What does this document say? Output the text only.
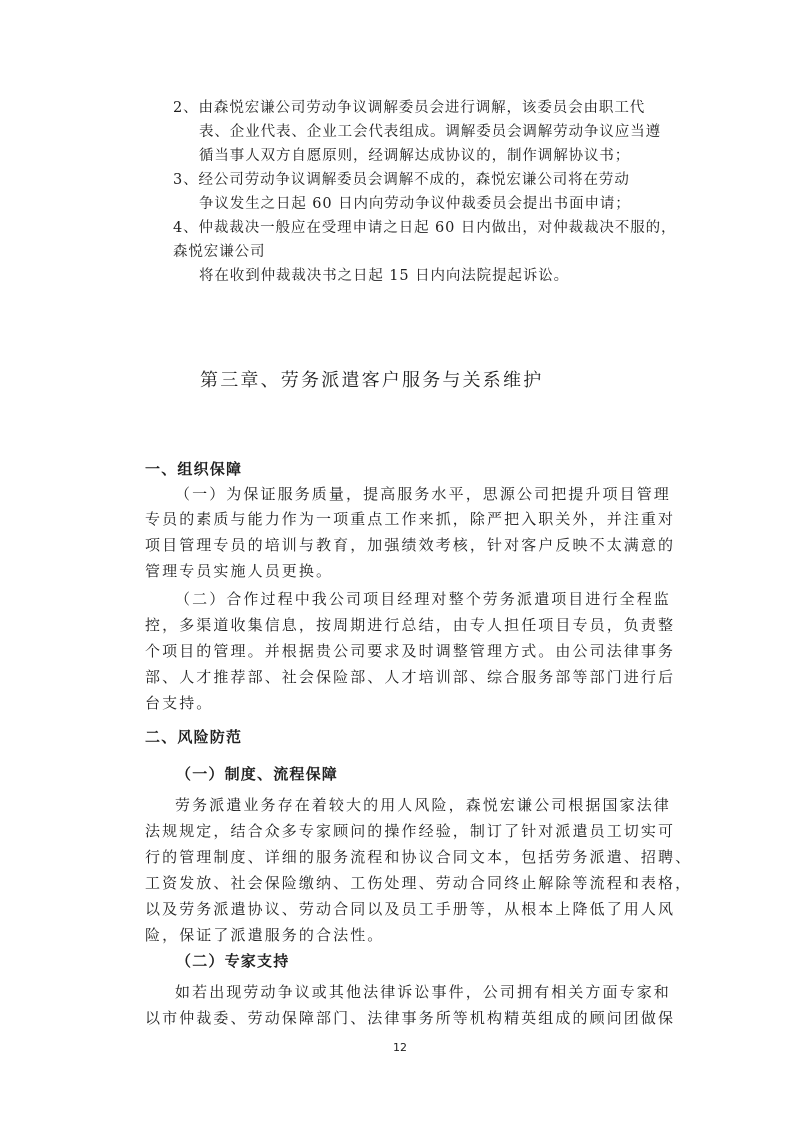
2、由森悦宏谦公司劳动争议调解委员会进行调解，该委员会由职工代
表、企业代表、企业工会代表组成。调解委员会调解劳动争议应当遵
循当事人双方自愿原则，经调解达成协议的，制作调解协议书；
3、经公司劳动争议调解委员会调解不成的，森悦宏谦公司将在劳动
争议发生之日起 60 日内向劳动争议仲裁委员会提出书面申请；
4、仲裁裁决一般应在受理申请之日起 60 日内做出，对仲裁裁决不服的，
森悦宏谦公司
将在收到仲裁裁决书之日起 15 日内向法院提起诉讼。
第三章、劳务派遣客户服务与关系维护
一、组织保障
（一）为保证服务质量，提高服务水平，思源公司把提升项目管理
专员的素质与能力作为一项重点工作来抓，除严把入职关外，并注重对
项目管理专员的培训与教育，加强绩效考核，针对客户反映不太满意的
管理专员实施人员更换。
（二）合作过程中我公司项目经理对整个劳务派遣项目进行全程监
控，多渠道收集信息，按周期进行总结，由专人担任项目专员，负责整
个项目的管理。并根据贵公司要求及时调整管理方式。由公司法律事务
部、人才推荐部、社会保险部、人才培训部、综合服务部等部门进行后
台支持。
二、风险防范
（一）制度、流程保障
劳务派遣业务存在着较大的用人风险，森悦宏谦公司根据国家法律
法规规定，结合众多专家顾问的操作经验，制订了针对派遣员工切实可
行的管理制度、详细的服务流程和协议合同文本，包括劳务派遣、招聘、
工资发放、社会保险缴纳、工伤处理、劳动合同终止解除等流程和表格，
以及劳务派遣协议、劳动合同以及员工手册等，从根本上降低了用人风
险，保证了派遣服务的合法性。
（二）专家支持
如若出现劳动争议或其他法律诉讼事件，公司拥有相关方面专家和
以市仲裁委、劳动保障部门、法律事务所等机构精英组成的顾问团做保
12
